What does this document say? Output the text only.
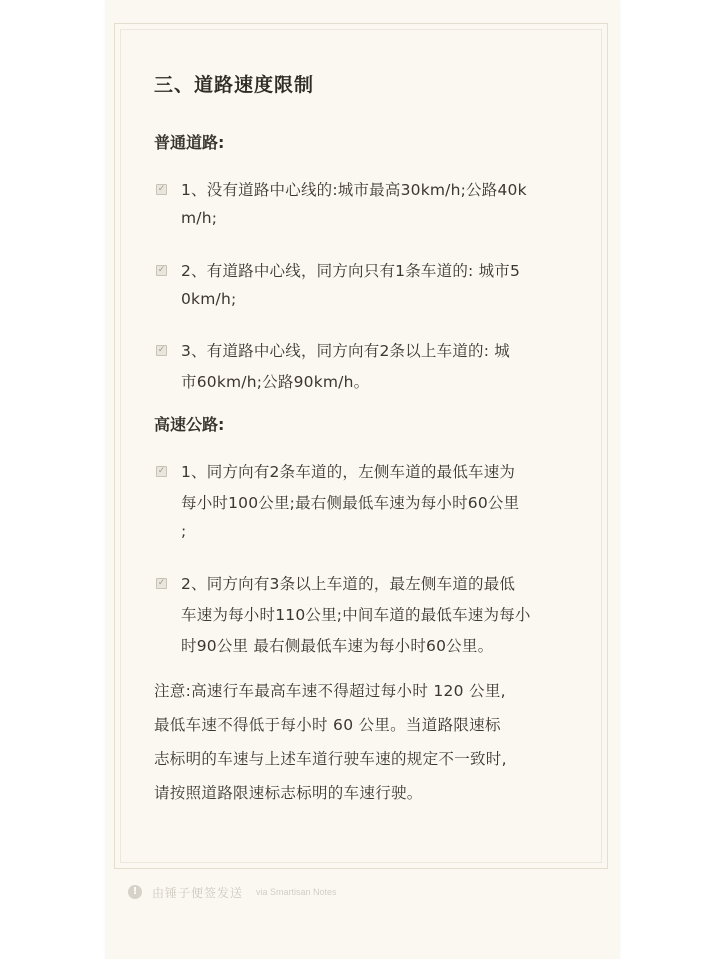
三、道路速度限制
普通道路:
✓ 1、没有道路中心线的:城市最高30km/h;公路40k
m/h;
✓ 2、有道路中心线，同方向只有1条车道的: 城市5
0km/h;
✓ 3、有道路中心线，同方向有2条以上车道的: 城
市60km/h;公路90km/h。
高速公路:
✓ 1、同方向有2条车道的，左侧车道的最低车速为
每小时100公里;最右侧最低车速为每小时60公里
;
✓ 2、同方向有3条以上车道的，最左侧车道的最低
车速为每小时110公里;中间车道的最低车速为每小
时90公里 最右侧最低车速为每小时60公里。
注意:高速行车最高车速不得超过每小时 120 公里,
最低车速不得低于每小时 60 公里。当道路限速标
志标明的车速与上述车道行驶车速的规定不一致时,
请按照道路限速标志标明的车速行驶。
!	由锤子便签发送 via Smartisan Notes
